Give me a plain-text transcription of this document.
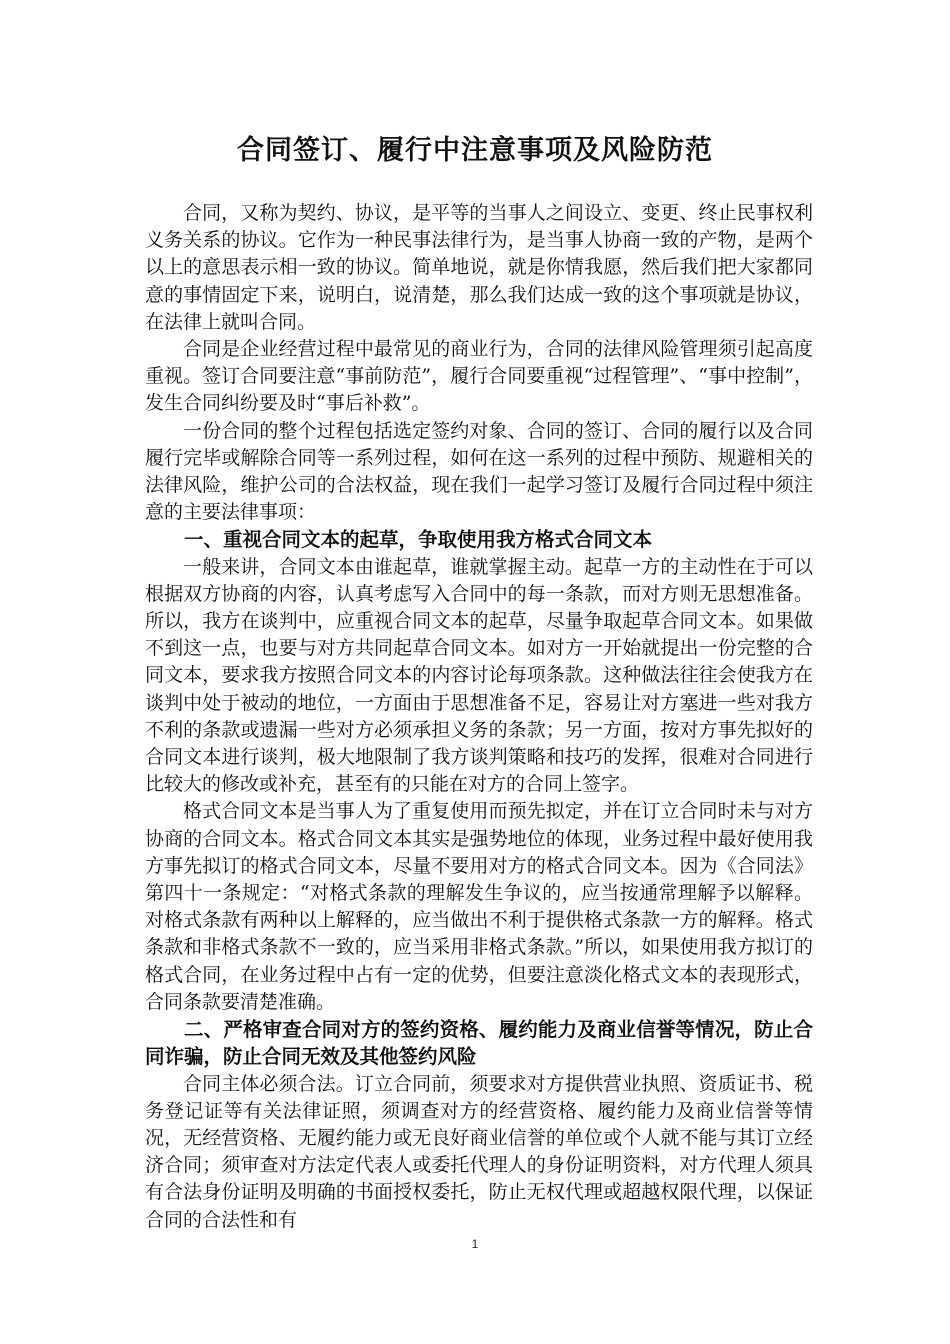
合同签订、履行中注意事项及风险防范

合同，又称为契约、协议，是平等的当事人之间设立、变更、终止民事权利义务关系的协议。它作为一种民事法律行为，是当事人协商一致的产物，是两个以上的意思表示相一致的协议。简单地说，就是你情我愿，然后我们把大家都同意的事情固定下来，说明白，说清楚，那么我们达成一致的这个事项就是协议，在法律上就叫合同。

合同是企业经营过程中最常见的商业行为，合同的法律风险管理须引起高度重视。签订合同要注意“事前防范”，履行合同要重视“过程管理”、“事中控制”，发生合同纠纷要及时“事后补救”。

一份合同的整个过程包括选定签约对象、合同的签订、合同的履行以及合同履行完毕或解除合同等一系列过程，如何在这一系列的过程中预防、规避相关的法律风险，维护公司的合法权益，现在我们一起学习签订及履行合同过程中须注意的主要法律事项：

一、重视合同文本的起草，争取使用我方格式合同文本

一般来讲，合同文本由谁起草，谁就掌握主动。起草一方的主动性在于可以根据双方协商的内容，认真考虑写入合同中的每一条款，而对方则无思想准备。所以，我方在谈判中，应重视合同文本的起草，尽量争取起草合同文本。如果做不到这一点，也要与对方共同起草合同文本。如对方一开始就提出一份完整的合同文本，要求我方按照合同文本的内容讨论每项条款。这种做法往往会使我方在谈判中处于被动的地位，一方面由于思想准备不足，容易让对方塞进一些对我方不利的条款或遗漏一些对方必须承担义务的条款；另一方面，按对方事先拟好的合同文本进行谈判，极大地限制了我方谈判策略和技巧的发挥，很难对合同进行比较大的修改或补充，甚至有的只能在对方的合同上签字。

格式合同文本是当事人为了重复使用而预先拟定，并在订立合同时未与对方协商的合同文本。格式合同文本其实是强势地位的体现，业务过程中最好使用我方事先拟订的格式合同文本，尽量不要用对方的格式合同文本。因为《合同法》第四十一条规定：“对格式条款的理解发生争议的，应当按通常理解予以解释。对格式条款有两种以上解释的，应当做出不利于提供格式条款一方的解释。格式条款和非格式条款不一致的，应当采用非格式条款。”所以，如果使用我方拟订的格式合同，在业务过程中占有一定的优势，但要注意淡化格式文本的表现形式，合同条款要清楚准确。

二、严格审查合同对方的签约资格、履约能力及商业信誉等情况，防止合同诈骗，防止合同无效及其他签约风险

合同主体必须合法。订立合同前，须要求对方提供营业执照、资质证书、税务登记证等有关法律证照，须调查对方的经营资格、履约能力及商业信誉等情况，无经营资格、无履约能力或无良好商业信誉的单位或个人就不能与其订立经济合同；须审查对方法定代表人或委托代理人的身份证明资料，对方代理人须具有合法身份证明及明确的书面授权委托，防止无权代理或超越权限代理，以保证合同的合法性和有

1
